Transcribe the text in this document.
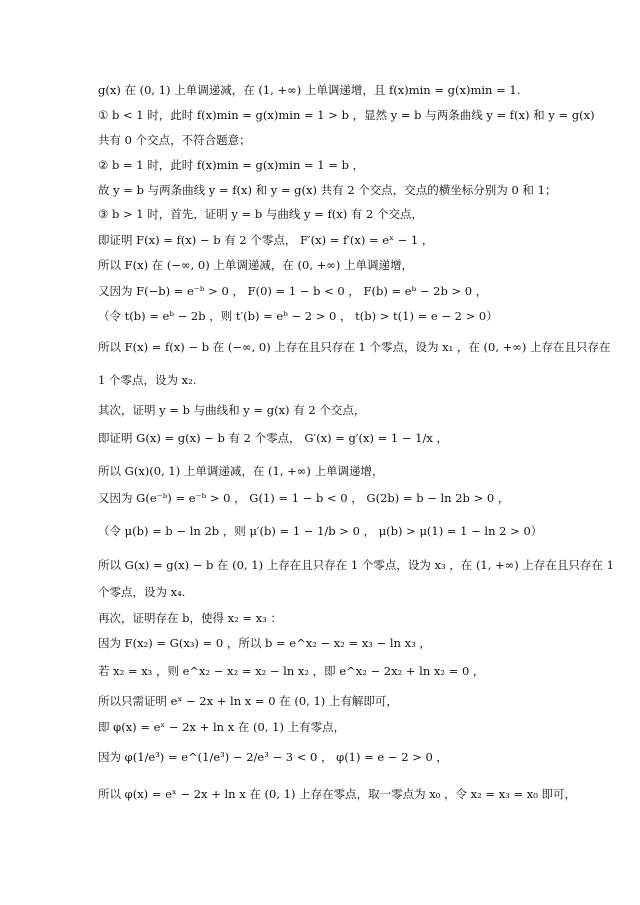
g(x) 在 (0, 1) 上单调递减，在 (1, +∞) 上单调递增，且 f(x)min = g(x)min = 1.
① b < 1 时，此时 f(x)min = g(x)min = 1 > b ，显然 y = b 与两条曲线 y = f(x) 和 y = g(x)
共有 0 个交点，不符合题意；
② b = 1 时，此时 f(x)min = g(x)min = 1 = b ，
故 y = b 与两条曲线 y = f(x) 和 y = g(x) 共有 2 个交点，交点的横坐标分别为 0 和 1；
③ b > 1 时，首先，证明 y = b 与曲线 y = f(x) 有 2 个交点，
即证明 F(x) = f(x) − b 有 2 个零点， F′(x) = f′(x) = eˣ − 1 ，
所以 F(x) 在 (−∞, 0) 上单调递减，在 (0, +∞) 上单调递增，
又因为 F(−b) = e⁻ᵇ > 0 ， F(0) = 1 − b < 0 ， F(b) = eᵇ − 2b > 0 ，
（令 t(b) = eᵇ − 2b ，则 t′(b) = eᵇ − 2 > 0 ， t(b) > t(1) = e − 2 > 0）
所以 F(x) = f(x) − b 在 (−∞, 0) 上存在且只存在 1 个零点，设为 x₁ ，在 (0, +∞) 上存在且只存在
1 个零点，设为 x₂.
其次，证明 y = b 与曲线和 y = g(x) 有 2 个交点，
即证明 G(x) = g(x) − b 有 2 个零点， G′(x) = g′(x) = 1 − 1/x ，
所以 G(x)(0, 1) 上单调递减，在 (1, +∞) 上单调递增，
又因为 G(e⁻ᵇ) = e⁻ᵇ > 0 ， G(1) = 1 − b < 0 ， G(2b) = b − ln 2b > 0 ，
（令 μ(b) = b − ln 2b ，则 μ′(b) = 1 − 1/b > 0 ， μ(b) > μ(1) = 1 − ln 2 > 0）
所以 G(x) = g(x) − b 在 (0, 1) 上存在且只存在 1 个零点，设为 x₃ ，在 (1, +∞) 上存在且只存在 1
个零点，设为 x₄.
再次，证明存在 b，使得 x₂ = x₃ ：
因为 F(x₂) = G(x₃) = 0 ，所以 b = e^x₂ − x₂ = x₃ − ln x₃ ，
若 x₂ = x₃ ，则 e^x₂ − x₂ = x₂ − ln x₂ ，即 e^x₂ − 2x₂ + ln x₂ = 0 ，
所以只需证明 eˣ − 2x + ln x = 0 在 (0, 1) 上有解即可，
即 φ(x) = eˣ − 2x + ln x 在 (0, 1) 上有零点，
因为 φ(1/e³) = e^(1/e³) − 2/e³ − 3 < 0 ， φ(1) = e − 2 > 0 ，
所以 φ(x) = eˣ − 2x + ln x 在 (0, 1) 上存在零点，取一零点为 x₀ ，令 x₂ = x₃ = x₀ 即可，
